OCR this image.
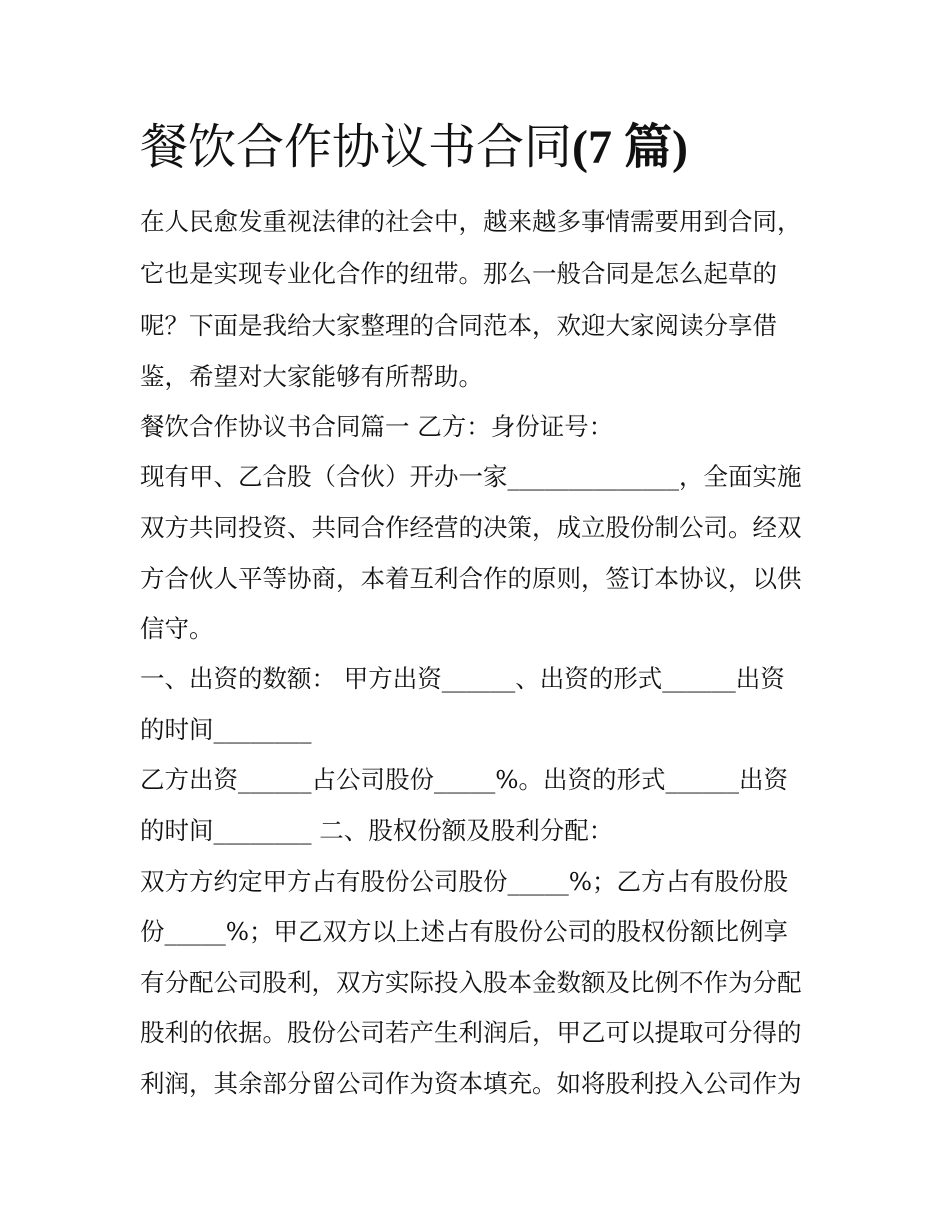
餐饮合作协议书合同(7 篇)

在人民愈发重视法律的社会中，越来越多事情需要用到合同，

它也是实现专业化合作的纽带。那么一般合同是怎么起草的

呢？下面是我给大家整理的合同范本，欢迎大家阅读分享借

鉴，希望对大家能够有所帮助。

餐饮合作协议书合同篇一 乙方：身份证号：

现有甲、乙合股（合伙）开办一家______________，全面实施

双方共同投资、共同合作经营的决策，成立股份制公司。经双

方合伙人平等协商，本着互利合作的原则，签订本协议，以供

信守。

一、出资的数额： 甲方出资______、出资的形式______出资

的时间________

乙方出资______占公司股份_____%。出资的形式______出资

的时间________ 二、股权份额及股利分配：

双方方约定甲方占有股份公司股份_____%；乙方占有股份股

份_____%；甲乙双方以上述占有股份公司的股权份额比例享

有分配公司股利，双方实际投入股本金数额及比例不作为分配

股利的依据。股份公司若产生利润后，甲乙可以提取可分得的

利润，其余部分留公司作为资本填充。如将股利投入公司作为
